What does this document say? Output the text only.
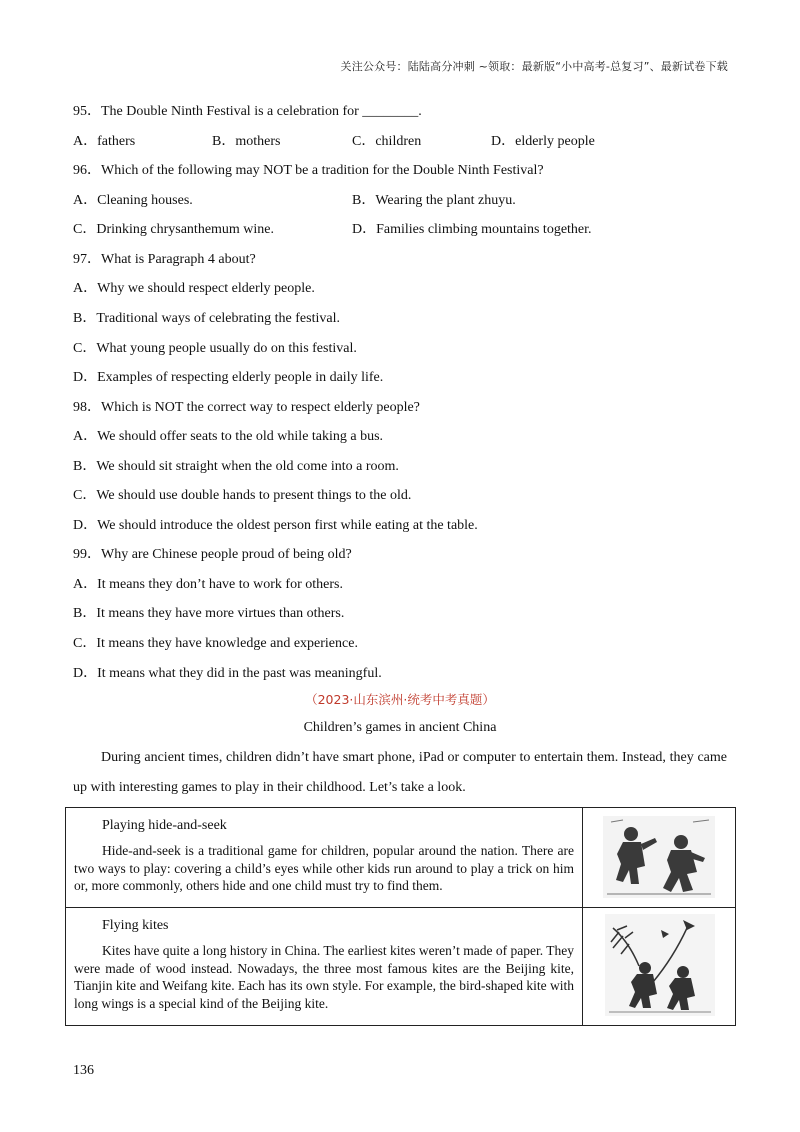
关注公众号：陆陆高分冲刺 ~领取：最新版“小中高考-总复习”、最新试卷下载
95．The Double Ninth Festival is a celebration for ________.
A．fathers	B．mothers	C．children	D．elderly people
96．Which of the following may NOT be a tradition for the Double Ninth Festival?
A．Cleaning houses.	B．Wearing the plant zhuyu.
C．Drinking chrysanthemum wine.	D．Families climbing mountains together.
97．What is Paragraph 4 about?
A．Why we should respect elderly people.
B．Traditional ways of celebrating the festival.
C．What young people usually do on this festival.
D．Examples of respecting elderly people in daily life.
98．Which is NOT the correct way to respect elderly people?
A．We should offer seats to the old while taking a bus.
B．We should sit straight when the old come into a room.
C．We should use double hands to present things to the old.
D．We should introduce the oldest person first while eating at the table.
99．Why are Chinese people proud of being old?
A．It means they don’t have to work for others.
B．It means they have more virtues than others.
C．It means they have knowledge and experience.
D．It means what they did in the past was meaningful.
（2023·山东滨州·统考中考真题）
Children’s games in ancient China
During ancient times, children didn’t have smart phone, iPad or computer to entertain them. Instead, they came up with interesting games to play in their childhood. Let’s take a look.

Playing hide-and-seek

Hide-and-seek is a traditional game for children, popular around the nation. There are two ways to play: covering a child’s eyes while other kids run around to play a trick on him or, more commonly, others hide and one child must try to find them.

Flying kites

Kites have quite a long history in China. The earliest kites weren’t made of paper. They were made of wood instead. Nowadays, the three most famous kites are the Beijing kite, Tianjin kite and Weifang kite. Each has its own style. For example, the bird-shaped kite with long wings is a special kind of the Beijing kite.

136
